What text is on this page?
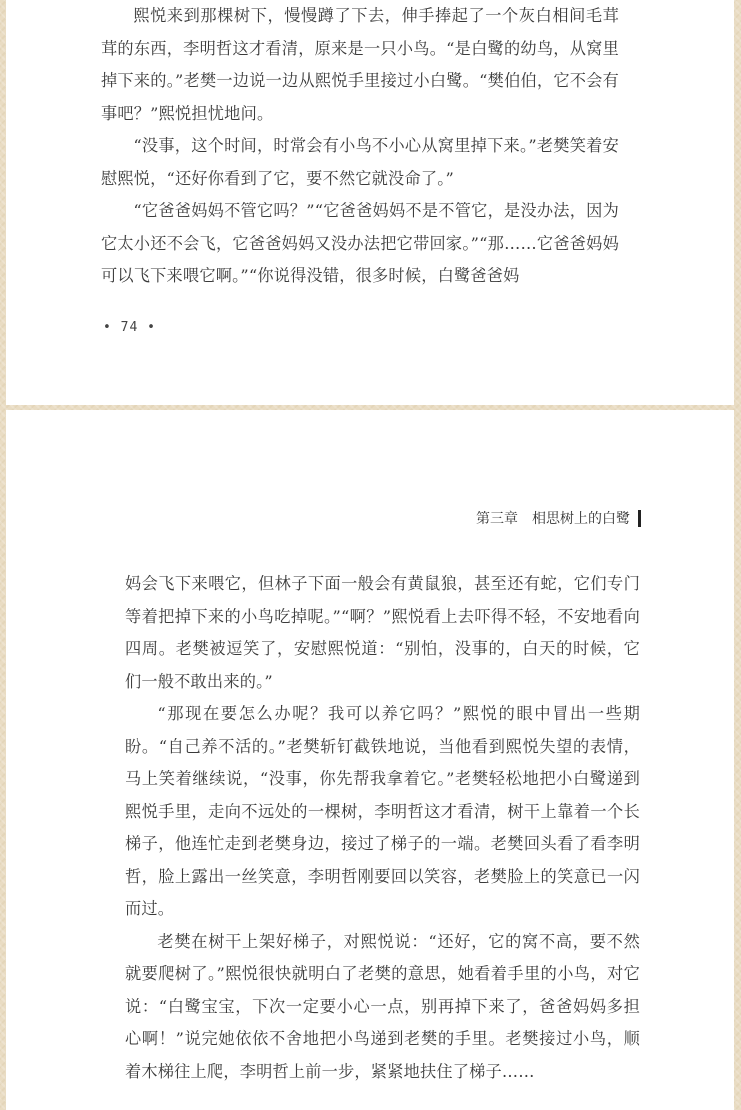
熙悦来到那棵树下，慢慢蹲了下去，伸手捧起了一个灰白相间毛茸茸的东西，李明哲这才看清，原来是一只小鸟。“是白鹭的幼鸟，从窝里掉下来的。”老樊一边说一边从熙悦手里接过小白鹭。“樊伯伯，它不会有事吧？”熙悦担忧地问。

“没事，这个时间，时常会有小鸟不小心从窝里掉下来。”老樊笑着安慰熙悦，“还好你看到了它，要不然它就没命了。”

“它爸爸妈妈不管它吗？”“它爸爸妈妈不是不管它，是没办法，因为它太小还不会飞，它爸爸妈妈又没办法把它带回家。”“那……它爸爸妈妈可以飞下来喂它啊。”“你说得没错，很多时候，白鹭爸爸妈

• 74 •
第三章 相思树上的白鹭

妈会飞下来喂它，但林子下面一般会有黄鼠狼，甚至还有蛇，它们专门等着把掉下来的小鸟吃掉呢。”“啊？”熙悦看上去吓得不轻，不安地看向四周。老樊被逗笑了，安慰熙悦道：“别怕，没事的，白天的时候，它们一般不敢出来的。”

“那现在要怎么办呢？我可以养它吗？”熙悦的眼中冒出一些期盼。“自己养不活的。”老樊斩钉截铁地说，当他看到熙悦失望的表情，马上笑着继续说，“没事，你先帮我拿着它。”老樊轻松地把小白鹭递到熙悦手里，走向不远处的一棵树，李明哲这才看清，树干上靠着一个长梯子，他连忙走到老樊身边，接过了梯子的一端。老樊回头看了看李明哲，脸上露出一丝笑意，李明哲刚要回以笑容，老樊脸上的笑意已一闪而过。

老樊在树干上架好梯子，对熙悦说：“还好，它的窝不高，要不然就要爬树了。”熙悦很快就明白了老樊的意思，她看着手里的小鸟，对它说：“白鹭宝宝，下次一定要小心一点，别再掉下来了，爸爸妈妈多担心啊！”说完她依依不舍地把小鸟递到老樊的手里。老樊接过小鸟，顺着木梯往上爬，李明哲上前一步，紧紧地扶住了梯子……
